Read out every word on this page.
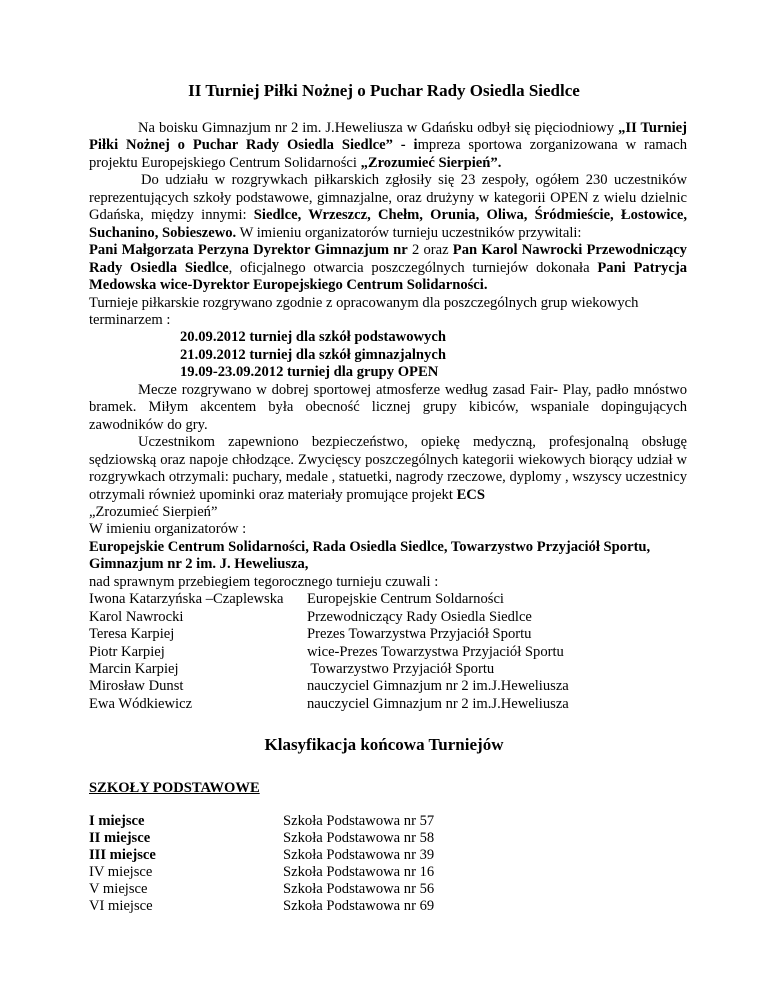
II Turniej Piłki Nożnej o Puchar Rady Osiedla Siedlce

Na boisku Gimnazjum nr 2 im. J.Heweliusza w Gdańsku odbył się pięciodniowy „II Turniej Piłki Nożnej o Puchar Rady Osiedla Siedlce” - impreza sportowa zorganizowana w ramach projektu Europejskiego Centrum Solidarności „Zrozumieć Sierpień”.

Do udziału w rozgrywkach piłkarskich zgłosiły się 23 zespoły, ogółem 230 uczestników reprezentujących szkoły podstawowe, gimnazjalne, oraz drużyny w kategorii OPEN z wielu dzielnic Gdańska, między innymi: Siedlce, Wrzeszcz, Chełm, Orunia, Oliwa, Śródmieście, Łostowice, Suchanino, Sobieszewo. W imieniu organizatorów turnieju uczestników przywitali:

Pani Małgorzata Perzyna Dyrektor Gimnazjum nr 2 oraz Pan Karol Nawrocki Przewodniczący Rady Osiedla Siedlce, oficjalnego otwarcia poszczególnych turniejów dokonała Pani Patrycja Medowska wice-Dyrektor Europejskiego Centrum Solidarności.

Turnieje piłkarskie rozgrywano zgodnie z opracowanym dla poszczególnych grup wiekowych terminarzem :

20.09.2012 turniej dla szkół podstawowych

21.09.2012 turniej dla szkół gimnazjalnych

19.09-23.09.2012 turniej dla grupy OPEN

Mecze rozgrywano w dobrej sportowej atmosferze według zasad Fair- Play, padło mnóstwo bramek. Miłym akcentem była obecność licznej grupy kibiców, wspaniale dopingujących zawodników do gry.

Uczestnikom zapewniono bezpieczeństwo, opiekę medyczną, profesjonalną obsługę sędziowską oraz napoje chłodzące. Zwycięscy poszczególnych kategorii wiekowych biorący udział w rozgrywkach otrzymali: puchary, medale , statuetki, nagrody rzeczowe, dyplomy , wszyscy uczestnicy otrzymali również upominki oraz materiały promujące projekt ECS
„Zrozumieć Sierpień”

W imieniu organizatorów :

Europejskie Centrum Solidarności, Rada Osiedla Siedlce, Towarzystwo Przyjaciół Sportu, Gimnazjum nr 2 im. J. Heweliusza,

nad sprawnym przebiegiem tegorocznego turnieju czuwali :

Iwona Katarzyńska –Czaplewska Europejskie Centrum Soldarności
Karol Nawrocki	Przewodniczący Rady Osiedla Siedlce
Teresa Karpiej	Prezes Towarzystwa Przyjaciół Sportu
Piotr Karpiej	wice-Prezes Towarzystwa Przyjaciół Sportu
Marcin Karpiej	Towarzystwo Przyjaciół Sportu
Mirosław Dunst	nauczyciel Gimnazjum nr 2 im.J.Heweliusza
Ewa Wódkiewicz	nauczyciel Gimnazjum nr 2 im.J.Heweliusza
Klasyfikacja końcowa Turniejów
SZKOŁY PODSTAWOWE
I miejsce	Szkoła Podstawowa nr 57
II miejsce	Szkoła Podstawowa nr 58
III miejsce	Szkoła Podstawowa nr 39
IV miejsce	Szkoła Podstawowa nr 16
V miejsce	Szkoła Podstawowa nr 56
VI miejsce	Szkoła Podstawowa nr 69
